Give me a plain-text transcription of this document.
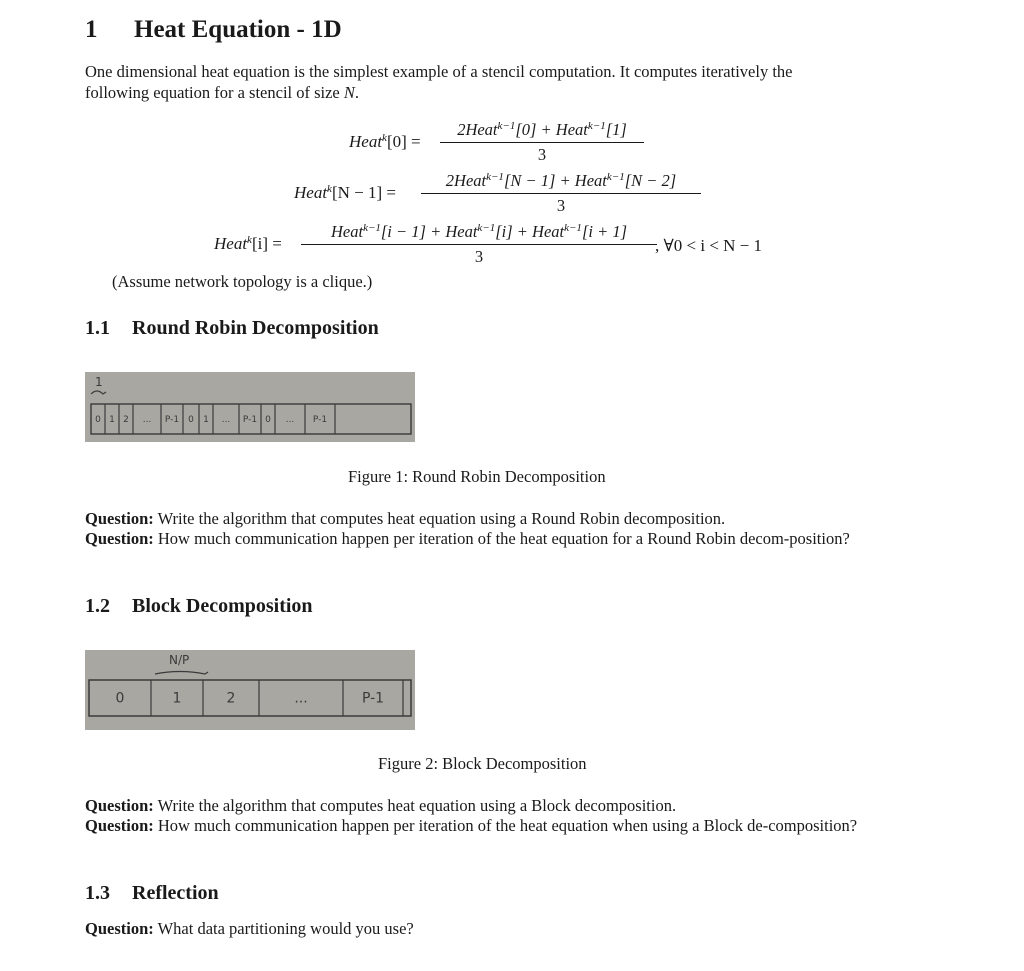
1 Heat Equation - 1D
One dimensional heat equation is the simplest example of a stencil computation. It computes iteratively the
following equation for a stencil of size N.
Heat$^k$[0] =
2Heat$^{k-1}$[0] + Heat$^{k-1}$[1]
3
Heat$^k$[N − 1] =
2Heat$^{k-1}$[N − 1] + Heat$^{k-1}$[N − 2]
3
Heat$^k$[i] =
Heat$^{k-1}$[i − 1] + Heat$^{k-1}$[i] + Heat$^{k-1}$[i + 1]
3
, ∀0 < i < N − 1
(Assume network topology is a clique.)
1.1 Round Robin Decomposition
1
0 1 2 ... P-1 0 1 ... P-1 0 ... P-1
Figure 1: Round Robin Decomposition
Question: Write the algorithm that computes heat equation using a Round Robin decomposition.
Question: How much communication happen per iteration of the heat equation for a Round Robin decom-position?
1.2 Block Decomposition
N/P
0	1	2	...	P-1
Figure 2: Block Decomposition
Question: Write the algorithm that computes heat equation using a Block decomposition.
Question: How much communication happen per iteration of the heat equation when using a Block de-composition?
1.3 Reflection
Question: What data partitioning would you use?
